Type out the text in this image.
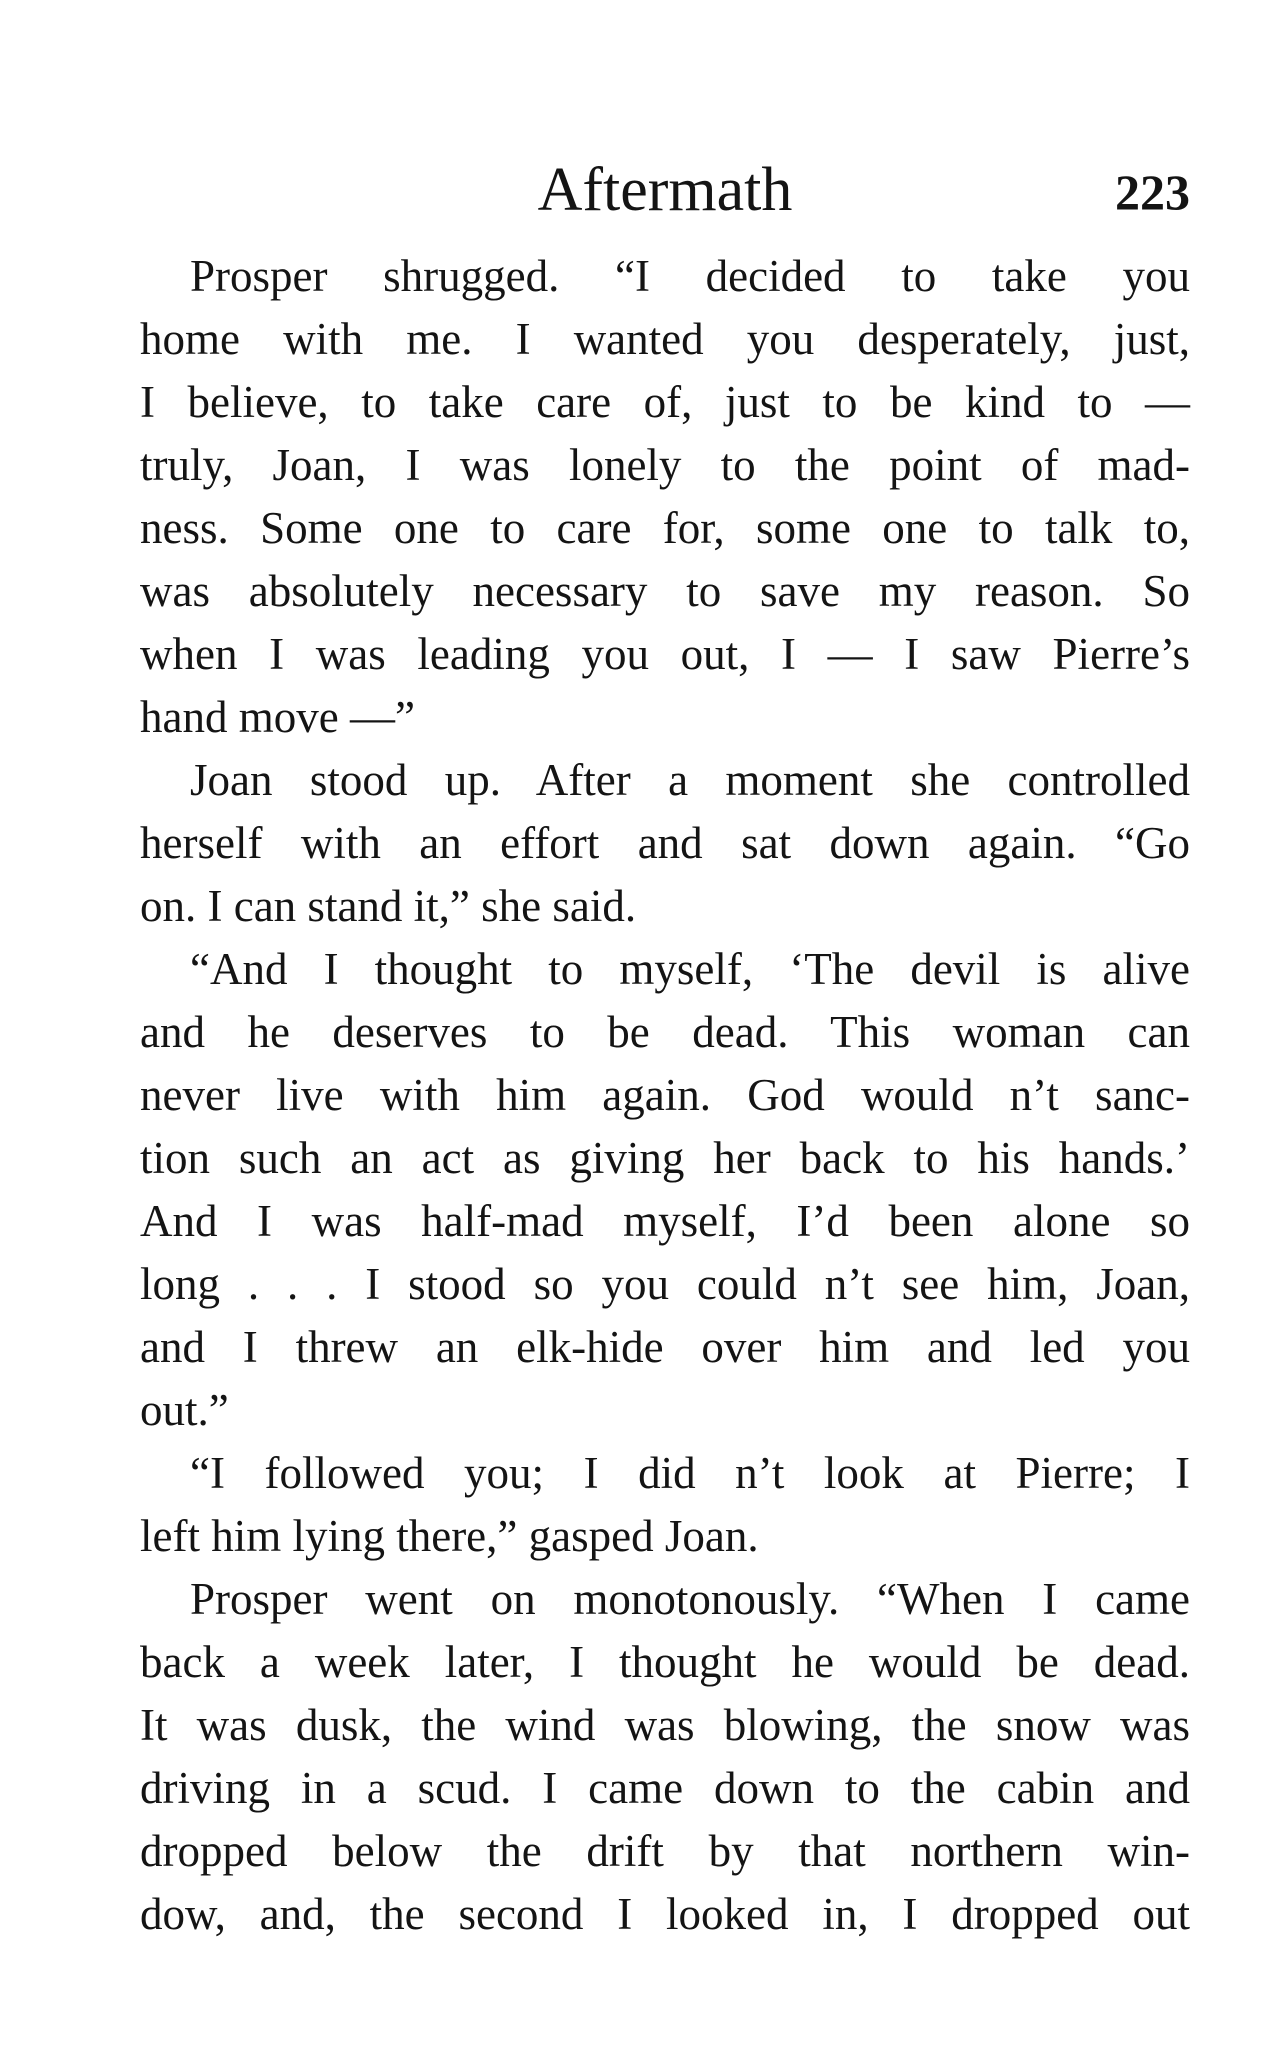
Aftermath	223
Prosper shrugged. “I decided to take you
home with me. I wanted you desperately, just,
I believe, to take care of, just to be kind to —
truly, Joan, I was lonely to the point of mad-
ness. Some one to care for, some one to talk to,
was absolutely necessary to save my reason. So
when I was leading you out, I — I saw Pierre’s
hand move —”
Joan stood up. After a moment she controlled
herself with an effort and sat down again. “Go
on. I can stand it,” she said.
“And I thought to myself, ‘The devil is alive
and he deserves to be dead. This woman can
never live with him again. God would n’t sanc-
tion such an act as giving her back to his hands.’
And I was half-mad myself, I’d been alone so
long . . . I stood so you could n’t see him, Joan,
and I threw an elk-hide over him and led you
out.”
“I followed you; I did n’t look at Pierre; I
left him lying there,” gasped Joan.
Prosper went on monotonously. “When I came
back a week later, I thought he would be dead.
It was dusk, the wind was blowing, the snow was
driving in a scud. I came down to the cabin and
dropped below the drift by that northern win-
dow, and, the second I looked in, I dropped out
